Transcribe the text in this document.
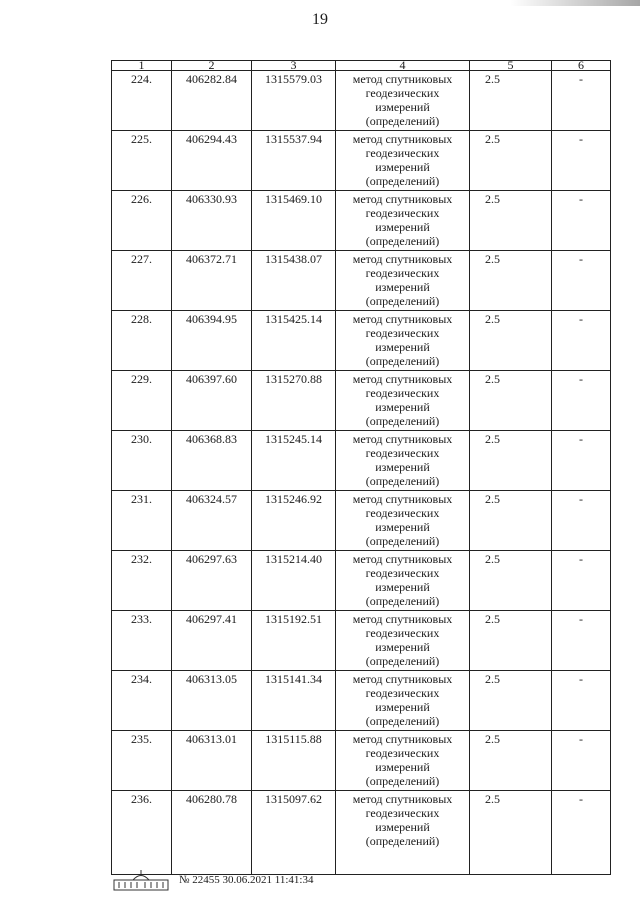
19
1	2	3	4	5	6
224.	406282.84	1315579.03	метод спутниковых геодезических измерений (определений)	2.5	-
225.	406294.43	1315537.94	метод спутниковых геодезических измерений (определений)	2.5	-
226.	406330.93	1315469.10	метод спутниковых геодезических измерений (определений)	2.5	-
227.	406372.71	1315438.07	метод спутниковых геодезических измерений (определений)	2.5	-
228.	406394.95	1315425.14	метод спутниковых геодезических измерений (определений)	2.5	-
229.	406397.60	1315270.88	метод спутниковых геодезических измерений (определений)	2.5	-
230.	406368.83	1315245.14	метод спутниковых геодезических измерений (определений)	2.5	-
231.	406324.57	1315246.92	метод спутниковых геодезических измерений (определений)	2.5	-
232.	406297.63	1315214.40	метод спутниковых геодезических измерений (определений)	2.5	-
233.	406297.41	1315192.51	метод спутниковых геодезических измерений (определений)	2.5	-
234.	406313.05	1315141.34	метод спутниковых геодезических измерений (определений)	2.5	-
235.	406313.01	1315115.88	метод спутниковых геодезических измерений (определений)	2.5	-
236.	406280.78	1315097.62	метод спутниковых геодезических измерений (определений)	2.5	-
№ 22455 30.06.2021 11:41:34
